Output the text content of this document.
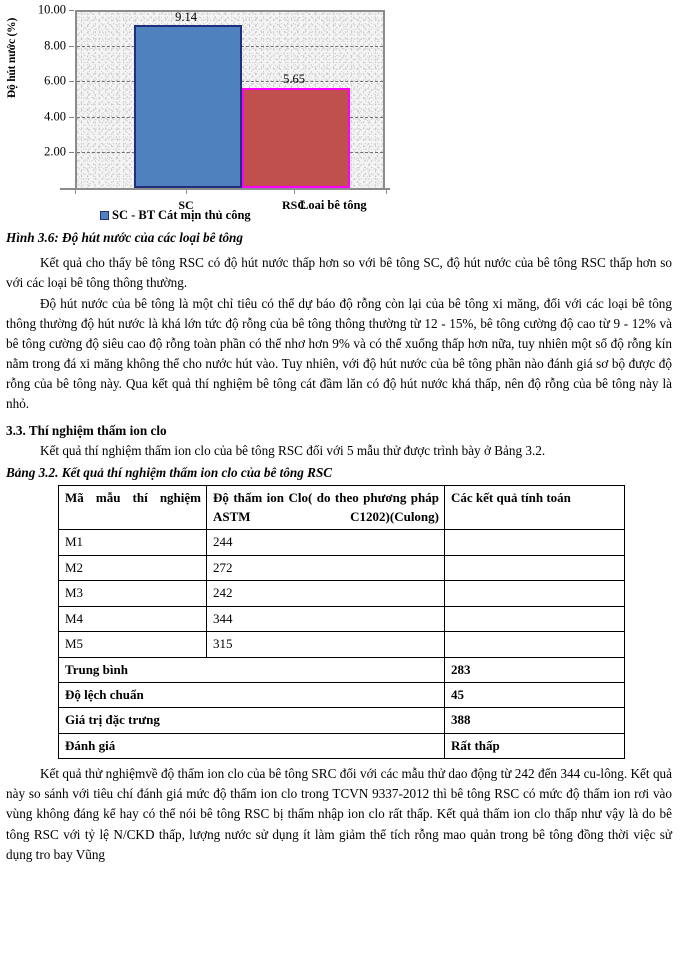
Độ hút nước (%)
10.00
8.00
6.00
4.00
2.00
9.14
5.65
SC	RSC
Loai bê tông
SC - BT Cát mịn thủ công
Hình 3.6: Độ hút nước của các loại bê tông

Kết quả cho thấy bê tông RSC có độ hút nước thấp hơn so với bê tông SC, độ hút nước của bê tông RSC thấp hơn so với các loại bê tông thông thường.

Độ hút nước của bê tông là một chỉ tiêu có thể dự báo độ rỗng còn lại của bê tông xi măng, đối với các loại bê tông thông thường độ hút nước là khá lớn tức độ rỗng của bê tông thông thường từ 12 - 15%, bê tông cường độ cao từ 9 - 12% và bê tông cường độ siêu cao độ rỗng toàn phần có thể nhơ hơn 9% và có thể xuống thấp hơn nữa, tuy nhiên một số độ rỗng kín nằm trong đá xi măng không thể cho nước hút vào. Tuy nhiên, với độ hút nước của bê tông phần nào đánh giá sơ bộ được độ rỗng của bê tông này. Qua kết quả thí nghiệm bê tông cát đầm lăn có độ hút nước khá thấp, nên độ rỗng của bê tông này là nhỏ.

3.3. Thí nghiệm thấm ion clo

Kết quả thí nghiệm thấm ion clo của bê tông RSC đối với 5 mẫu thử được trình bày ở Bảng 3.2.

Bảng 3.2. Kết quả thí nghiệm thấm ion clo của bê tông RSC
Mã mẫu thí nghiệm	Độ thấm ion Clo( do theo phương pháp ASTM C1202)(Culong)	Các kết quả tính toán
M1	244	
M2	272	
M3	242	
M4	344	
M5	315	
Trung bình		283
Độ lệch chuẩn		45
Giá trị đặc trưng		388
Đánh giá		Rất thấp

Kết quả thử nghiệmvề độ thấm ion clo của bê tông SRC đối với các mẫu thử dao động từ 242 đến 344 cu-lông. Kết quả này so sánh với tiêu chí đánh giá mức độ thấm ion clo trong TCVN 9337-2012 thì bê tông RSC có mức độ thấm ion rơi vào vùng không đáng kể hay có thể nói bê tông RSC bị thấm nhập ion clo rất thấp. Kết quả thấm ion clo thấp như vậy là do bê tông RSC với tỷ lệ N/CKD thấp, lượng nước sử dụng ít làm giảm thể tích rỗng mao quản trong bê tông đồng thời việc sử dụng tro bay Vũng
